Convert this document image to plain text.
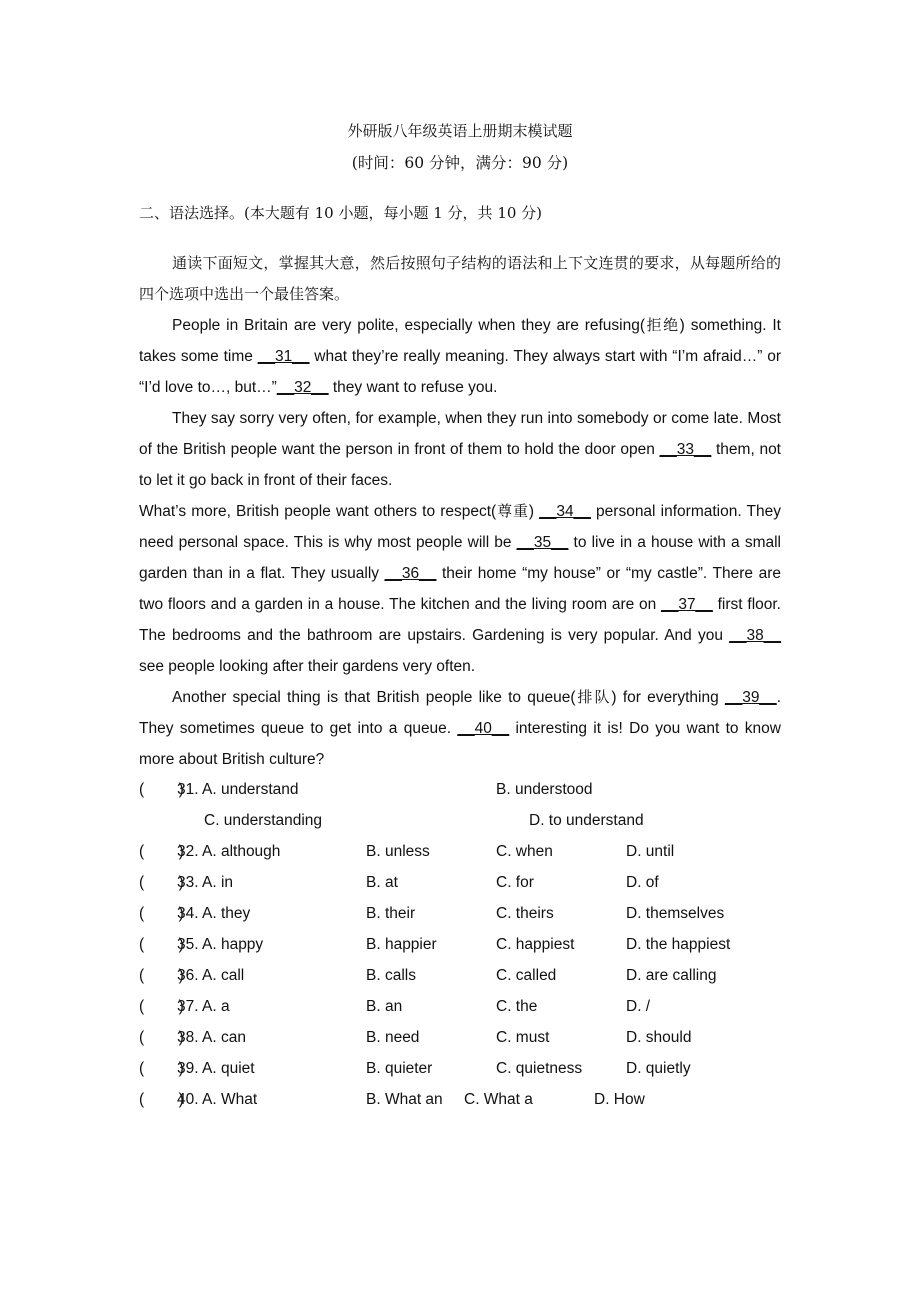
外研版八年级英语上册期末模试题
(时间：60 分钟，满分：90 分)
二、语法选择。(本大题有 10 小题，每小题 1 分，共 10 分)

通读下面短文，掌握其大意，然后按照句子结构的语法和上下文连贯的要求，从每题所给的四个选项中选出一个最佳答案。

People in Britain are very polite, especially when they are refusing(拒绝) something. It takes some time __31__ what they’re really meaning. They always start with “I’m afraid…” or “I’d love to…, but…”__32__ they want to refuse you.

They say sorry very often, for example, when they run into somebody or come late. Most of the British people want the person in front of them to hold the door open __33__ them, not to let it go back in front of their faces.

What’s more, British people want others to respect(尊重) __34__ personal information. They need personal space. This is why most people will be __35__ to live in a house with a small garden than in a flat. They usually __36__ their home “my house” or “my castle”. There are two floors and a garden in a house. The kitchen and the living room are on __37__ first floor. The bedrooms and the bathroom are upstairs. Gardening is very popular. And you __38__ see people looking after their gardens very often.

Another special thing is that British people like to queue(排队) for everything __39__. They sometimes queue to get into a queue. __40__ interesting it is! Do you want to know more about British culture?

(        )
31. A. understand	B. understood
C. understanding	D. to understand
(        )
32. A. although	B. unless	C. when	D. until
(        )
33. A. in	B. at	C. for	D. of
(        )
34. A. they	B. their	C. theirs	D. themselves
(        )
35. A. happy	B. happier	C. happiest	D. the happiest
(        )
36. A. call	B. calls	C. called	D. are calling
(        )
37. A. a	B. an	C. the	D. /
(        )
38. A. can	B. need	C. must	D. should
(        )
39. A. quiet	B. quieter	C. quietness	D. quietly
(        )
40. A. What	B. What an C. What a	D. How
